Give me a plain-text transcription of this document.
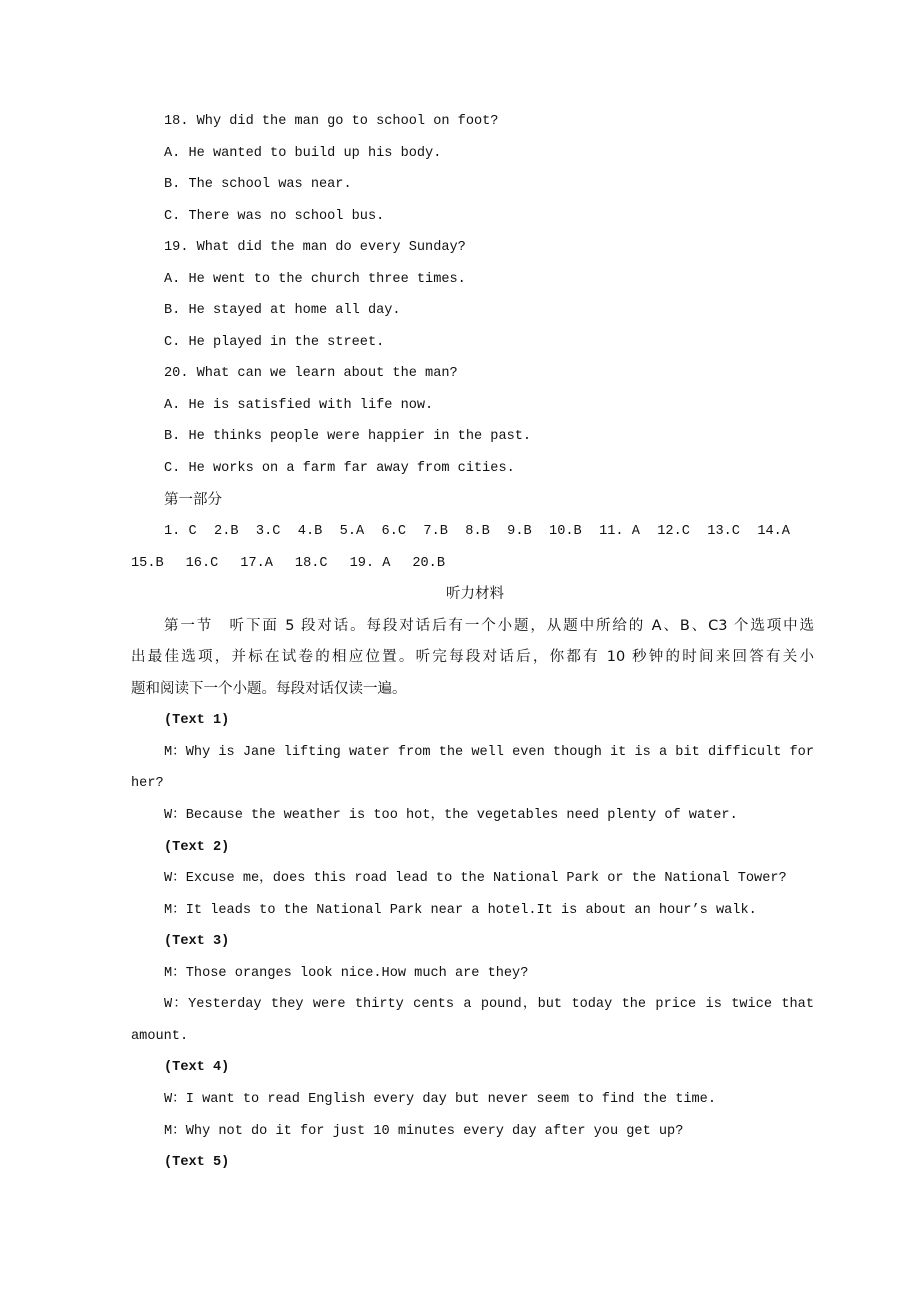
18. Why did the man go to school on foot?
A. He wanted to build up his body.
B. The school was near.
C. There was no school bus.
19. What did the man do every Sunday?
A. He went to the church three times.
B. He stayed at home all day.
C. He played in the street.
20. What can we learn about the man?
A. He is satisfied with life now.
B. He thinks people were happier in the past.
C. He works on a farm far away from cities.
第一部分
1. C 2.B 3.C 4.B 5.A 6.C 7.B 8.B 9.B 10.B 11. A 12.C 13.C 14.A
15.B 16.C 17.A 18.C 19. A 20.B
听力材料
第一节　听下面 5 段对话。每段对话后有一个小题，从题中所给的 A、B、C3 个选项中选
出最佳选项，并标在试卷的相应位置。听完每段对话后，你都有 10 秒钟的时间来回答有关小
题和阅读下一个小题。每段对话仅读一遍。
(Text 1)
M：Why is Jane lifting water from the well even though it is a bit difficult for
her?
W：Because the weather is too hot，the vegetables need plenty of water.
(Text 2)
W：Excuse me，does this road lead to the National Park or the National Tower?
M：It leads to the National Park near a hotel.It is about an hour’s walk.
(Text 3)
M：Those oranges look nice.How much are they?
W：Yesterday they were thirty cents a pound，but today the price is twice that
amount.
(Text 4)
W：I want to read English every day but never seem to find the time.
M：Why not do it for just 10 minutes every day after you get up?
(Text 5)
